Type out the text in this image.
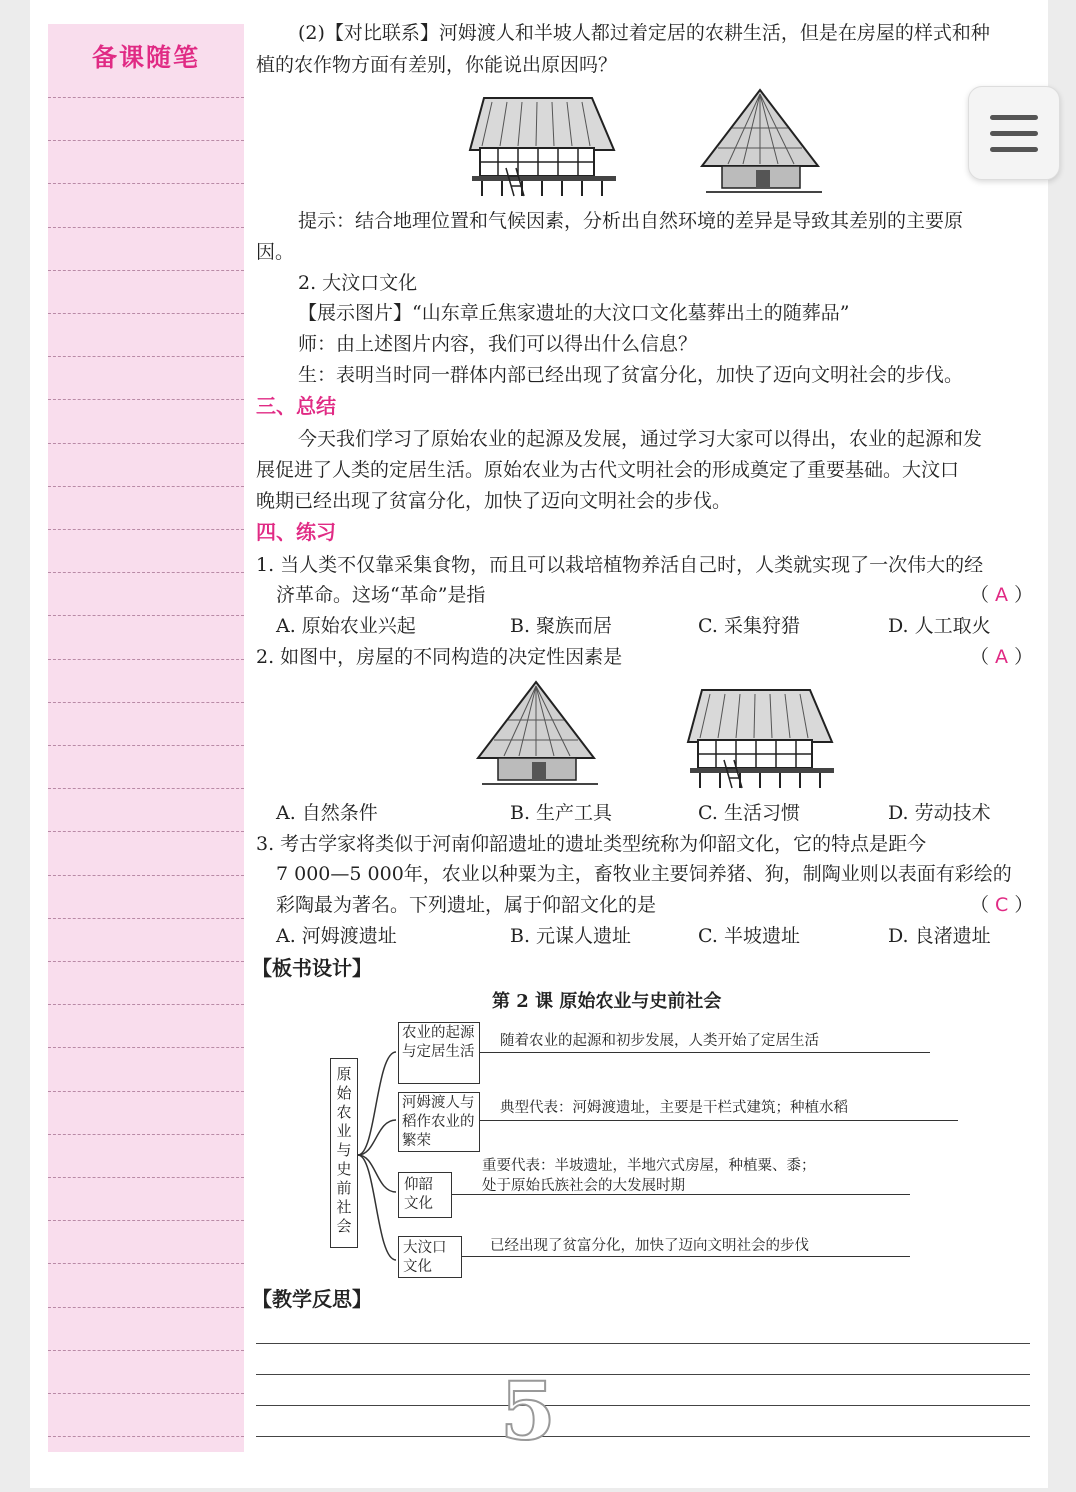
备课随笔
(2)【对比联系】河姆渡人和半坡人都过着定居的农耕生活，但是在房屋的样式和种
植的农作物方面有差别，你能说出原因吗？
提示：结合地理位置和气候因素，分析出自然环境的差异是导致其差别的主要原
因。
2. 大汶口文化
【展示图片】“山东章丘焦家遗址的大汶口文化墓葬出土的随葬品”
师：由上述图片内容，我们可以得出什么信息？
生：表明当时同一群体内部已经出现了贫富分化，加快了迈向文明社会的步伐。
三、总结
今天我们学习了原始农业的起源及发展，通过学习大家可以得出，农业的起源和发
展促进了人类的定居生活。原始农业为古代文明社会的形成奠定了重要基础。大汶口
晚期已经出现了贫富分化，加快了迈向文明社会的步伐。
四、练习
1. 当人类不仅靠采集食物，而且可以栽培植物养活自己时，人类就实现了一次伟大的经
济革命。这场“革命”是指	（ A ）
A. 原始农业兴起	B. 聚族而居	C. 采集狩猎	D. 人工取火
2. 如图中，房屋的不同构造的决定性因素是	（ A ）
A. 自然条件	B. 生产工具	C. 生活习惯	D. 劳动技术
3. 考古学家将类似于河南仰韶遗址的遗址类型统称为仰韶文化，它的特点是距今
7 000—5 000年，农业以种粟为主，畜牧业主要饲养猪、狗，制陶业则以表面有彩绘的
彩陶最为著名。下列遗址，属于仰韶文化的是	（ C ）
A. 河姆渡遗址	B. 元谋人遗址	C. 半坡遗址	D. 良渚遗址
【板书设计】
第 2 课 原始农业与史前社会
原始农业与史前社会
农业的起源与定居生活
河姆渡人与稻作农业的繁荣
仰韶文化
大汶口文化
随着农业的起源和初步发展，人类开始了定居生活
典型代表：河姆渡遗址，主要是干栏式建筑；种植水稻
重要代表：半坡遗址，半地穴式房屋，种植粟、黍；
处于原始氏族社会的大发展时期
已经出现了贫富分化，加快了迈向文明社会的步伐
【教学反思】
5
